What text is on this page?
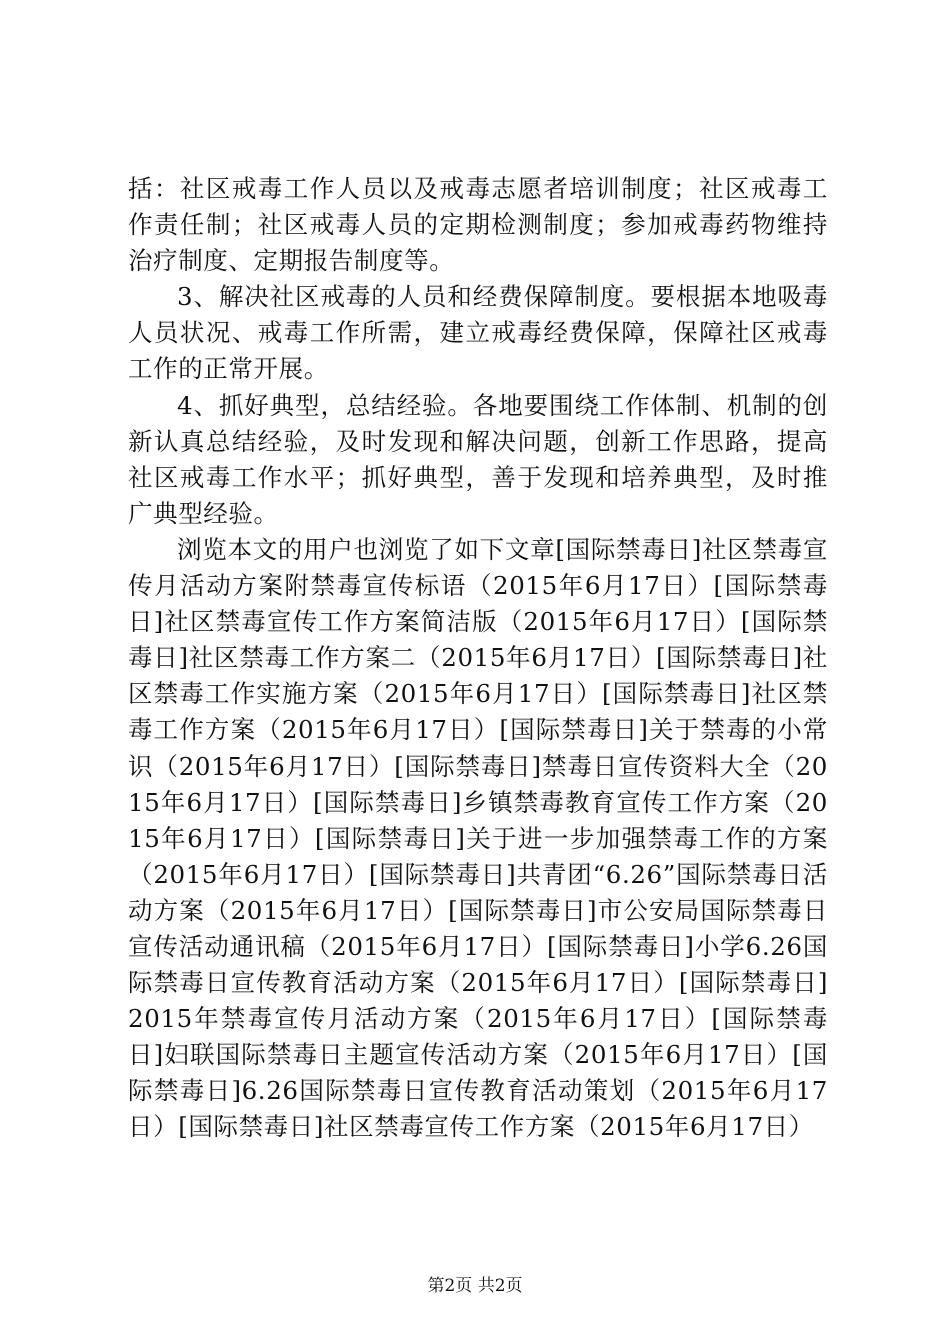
括：社区戒毒工作人员以及戒毒志愿者培训制度；社区戒毒工作责任制；社区戒毒人员的定期检测制度；参加戒毒药物维持治疗制度、定期报告制度等。

3、解决社区戒毒的人员和经费保障制度。要根据本地吸毒人员状况、戒毒工作所需，建立戒毒经费保障，保障社区戒毒工作的正常开展。

4、抓好典型，总结经验。各地要围绕工作体制、机制的创新认真总结经验，及时发现和解决问题，创新工作思路，提高社区戒毒工作水平；抓好典型，善于发现和培养典型，及时推广典型经验。

浏览本文的用户也浏览了如下文章[国际禁毒日]社区禁毒宣传月活动方案附禁毒宣传标语（2015年6月17日）[国际禁毒日]社区禁毒宣传工作方案简洁版（2015年6月17日）[国际禁毒日]社区禁毒工作方案二（2015年6月17日）[国际禁毒日]社区禁毒工作实施方案（2015年6月17日）[国际禁毒日]社区禁毒工作方案（2015年6月17日）[国际禁毒日]关于禁毒的小常识（2015年6月17日）[国际禁毒日]禁毒日宣传资料大全（2015年6月17日）[国际禁毒日]乡镇禁毒教育宣传工作方案（2015年6月17日）[国际禁毒日]关于进一步加强禁毒工作的方案（2015年6月17日）[国际禁毒日]共青团“6.26”国际禁毒日活动方案（2015年6月17日）[国际禁毒日]市公安局国际禁毒日宣传活动通讯稿（2015年6月17日）[国际禁毒日]小学6.26国际禁毒日宣传教育活动方案（2015年6月17日）[国际禁毒日]2015年禁毒宣传月活动方案（2015年6月17日）[国际禁毒日]妇联国际禁毒日主题宣传活动方案（2015年6月17日）[国际禁毒日]6.26国际禁毒日宣传教育活动策划（2015年6月17日）[国际禁毒日]社区禁毒宣传工作方案（2015年6月17日）

第2页 共2页
